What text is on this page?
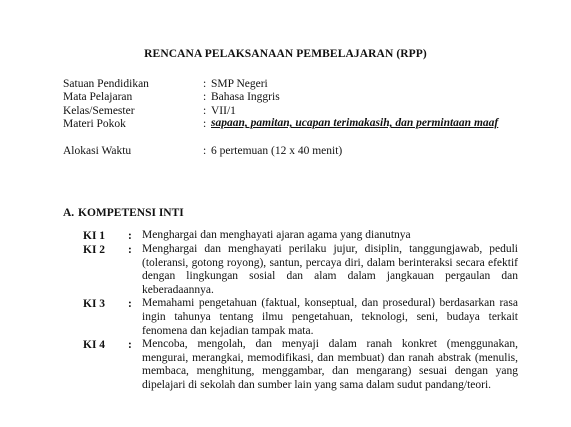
RENCANA PELAKSANAAN PEMBELAJARAN (RPP)
Satuan Pendidikan	: SMP Negeri
Mata Pelajaran	: Bahasa Inggris
Kelas/Semester	: VII/1
Materi Pokok	: sapaan, pamitan, ucapan terimakasih, dan permintaan maaf
Alokasi Waktu	: 6 pertemuan (12 x 40 menit)
A. KOMPETENSI INTI
KI 1	: Menghargai dan menghayati ajaran agama yang dianutnya
KI 2	: Menghargai dan menghayati perilaku jujur, disiplin, tanggungjawab, peduli (toleransi, gotong royong), santun, percaya diri, dalam berinteraksi secara efektif dengan lingkungan sosial dan alam dalam jangkauan pergaulan dan keberadaannya.
KI 3	: Memahami pengetahuan (faktual, konseptual, dan prosedural) berdasarkan rasa ingin tahunya tentang ilmu pengetahuan, teknologi, seni, budaya terkait fenomena dan kejadian tampak mata.
KI 4	: Mencoba, mengolah, dan menyaji dalam ranah konkret (menggunakan, mengurai, merangkai, memodifikasi, dan membuat) dan ranah abstrak (menulis, membaca, menghitung, menggambar, dan mengarang) sesuai dengan yang dipelajari di sekolah dan sumber lain yang sama dalam sudut pandang/teori.
